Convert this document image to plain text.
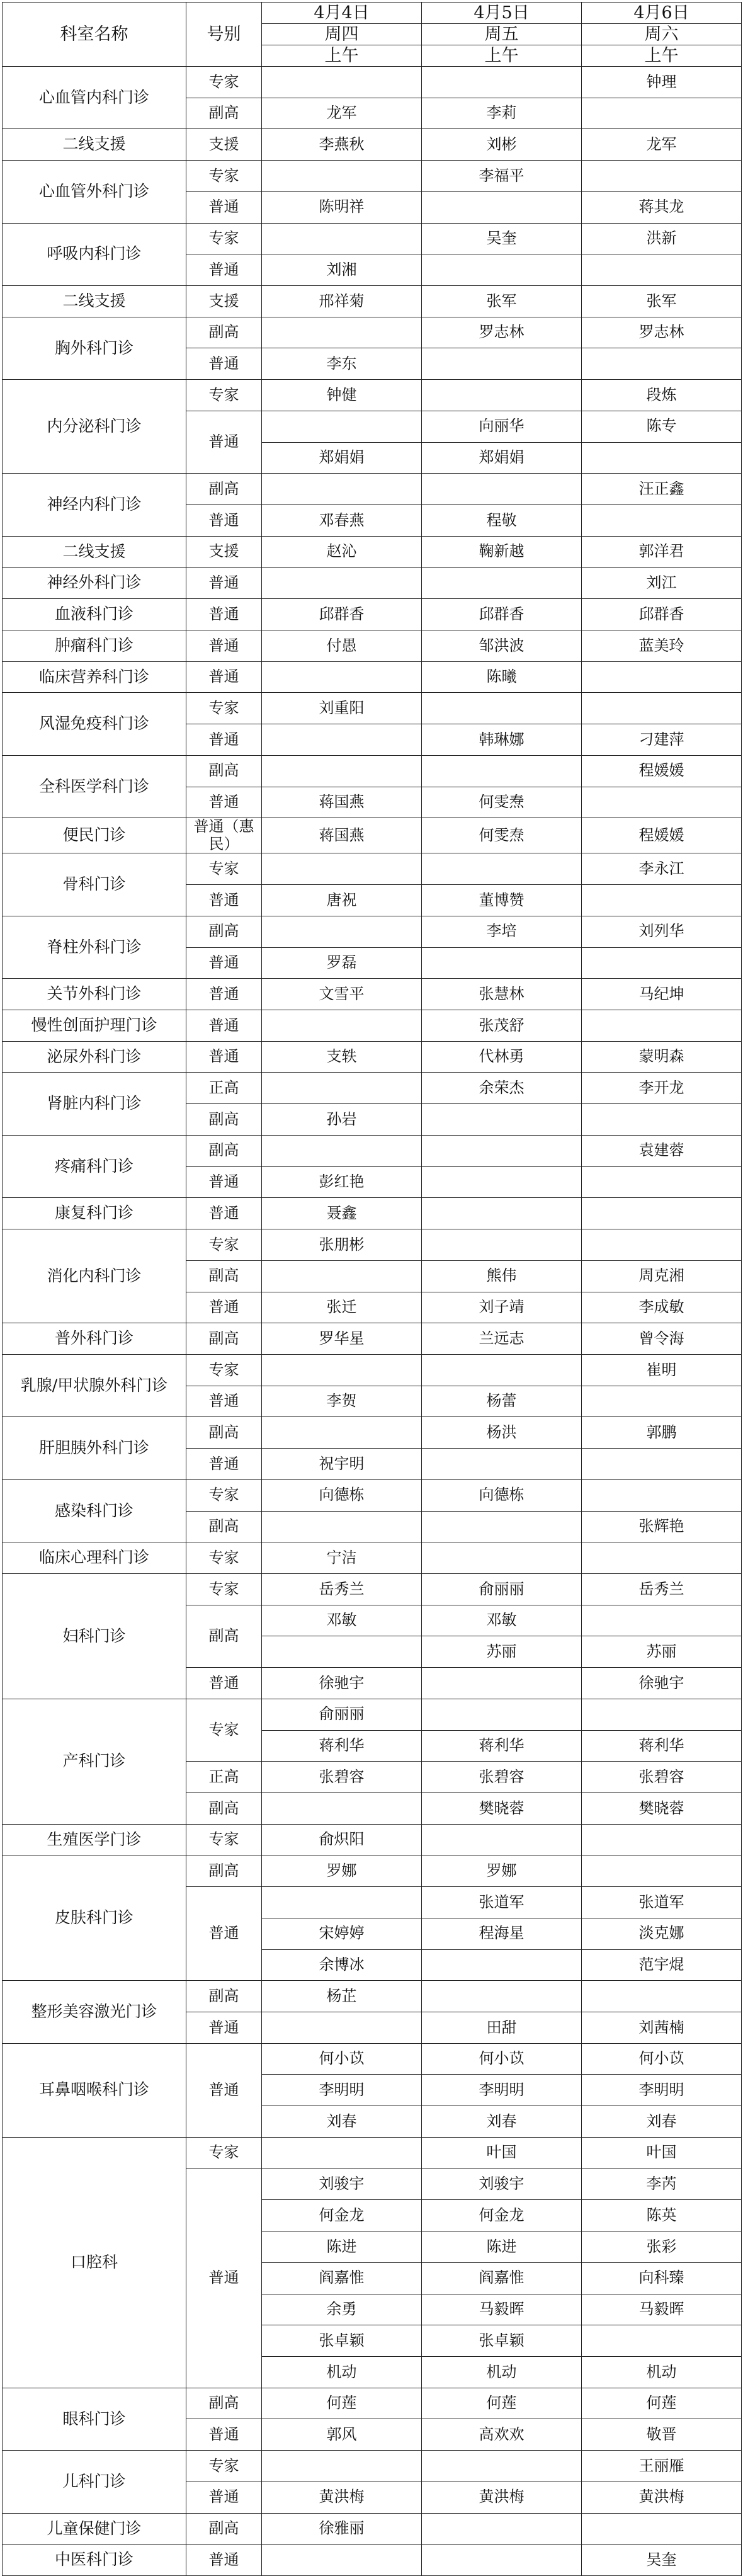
科室名称	号别	4月4日	4月5日	4月6日
		周四	周五	周六
		上午	上午	上午
心血管内科门诊	专家			钟理
	副高	龙军	李莉	
二线支援	支援	李燕秋	刘彬	龙军
心血管外科门诊	专家		李福平	
	普通	陈明祥		蒋其龙
呼吸内科门诊	专家		吴奎	洪新
	普通	刘湘		
二线支援	支援	邢祥菊	张军	张军
胸外科门诊	副高		罗志林	罗志林
	普通	李东		
内分泌科门诊	专家	钟健		段炼
	普通		向丽华	陈专
		郑娟娟	郑娟娟	
神经内科门诊	副高			汪正鑫
	普通	邓春燕	程敬	
二线支援	支援	赵沁	鞠新越	郭洋君
神经外科门诊	普通			刘江
血液科门诊	普通	邱群香	邱群香	邱群香
肿瘤科门诊	普通	付愚	邹洪波	蓝美玲
临床营养科门诊	普通		陈曦	
风湿免疫科门诊	专家	刘重阳		
	普通		韩琳娜	刁建萍
全科医学科门诊	副高			程媛媛
	普通	蒋国燕	何雯焘	
便民门诊	普通（惠民）	蒋国燕	何雯焘	程媛媛
骨科门诊	专家			李永江
	普通	唐祝	董博赞	
脊柱外科门诊	副高		李培	刘列华
	普通	罗磊		
关节外科门诊	普通	文雪平	张慧林	马纪坤
慢性创面护理门诊	普通		张茂舒	
泌尿外科门诊	普通	支轶	代林勇	蒙明森
肾脏内科门诊	正高		余荣杰	李开龙
	副高	孙岩		
疼痛科门诊	副高			袁建蓉
	普通	彭红艳		
康复科门诊	普通	聂鑫		
消化内科门诊	专家	张朋彬		
	副高		熊伟	周克湘
	普通	张迁	刘子靖	李成敏
普外科门诊	副高	罗华星	兰远志	曾令海
乳腺/甲状腺外科门诊	专家			崔明
	普通	李贺	杨蕾	
肝胆胰外科门诊	副高		杨洪	郭鹏
	普通	祝宇明		
感染科门诊	专家	向德栋	向德栋	
	副高			张辉艳
临床心理科门诊	专家	宁洁		
妇科门诊	专家	岳秀兰	俞丽丽	岳秀兰
	副高	邓敏	邓敏	
			苏丽	苏丽
	普通	徐驰宇		徐驰宇
产科门诊	专家	俞丽丽		
		蒋利华	蒋利华	蒋利华
	正高	张碧容	张碧容	张碧容
	副高		樊晓蓉	樊晓蓉
生殖医学门诊	专家	俞炽阳		
皮肤科门诊	副高	罗娜	罗娜	
	普通		张道军	张道军
		宋婷婷	程海星	淡克娜
		余博冰		范宇焜
整形美容激光门诊	副高	杨芷		
	普通		田甜	刘茜楠
耳鼻咽喉科门诊	普通	何小苡	何小苡	何小苡
		李明明	李明明	李明明
		刘春	刘春	刘春
口腔科	专家		叶国	叶国
	普通	刘骏宇	刘骏宇	李芮
		何金龙	何金龙	陈英
		陈进	陈进	张彩
		阎嘉惟	阎嘉惟	向科臻
		余勇	马毅晖	马毅晖
		张卓颖	张卓颖	
		机动	机动	机动
眼科门诊	副高	何莲	何莲	何莲
	普通	郭风	高欢欢	敬晋
儿科门诊	专家			王丽雁
	普通	黄洪梅	黄洪梅	黄洪梅
儿童保健门诊	副高	徐雅丽		
中医科门诊	普通			吴奎
